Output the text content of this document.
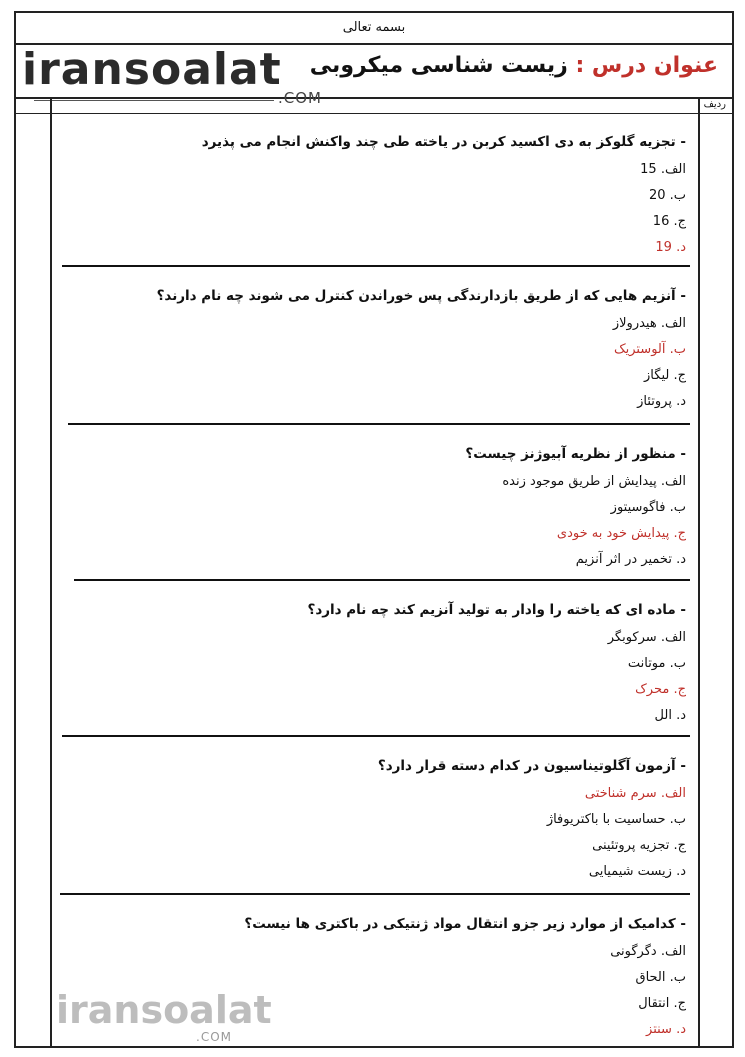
بسمه تعالی
iransoalat
.COM
عنوان درس : زیست شناسی میکروبی
ردیف
- تجزیه گلوکز به دی اکسید کربن در یاخته طی چند واکنش انجام می پذیرد
الف. 15
ب. 20
ج. 16
د. 19
- آنزیم هایی که از طریق بازدارندگی پس خوراندن کنترل می شوند چه نام دارند؟
الف. هیدرولاز
ب. آلوستریک
ج. لیگاز
د. پروتئاز
- منظور از نظریه آبیوژنز چیست؟
الف. پیدایش از طریق موجود زنده
ب. فاگوسیتوز
ج. پیدایش خود به خودی
د. تخمیر در اثر آنزیم
- ماده ای که یاخته را وادار به تولید آنزیم کند چه نام دارد؟
الف. سرکوبگر
ب. موتانت
ج. محرک
د. الل
- آزمون آگلوتیناسیون در کدام دسته قرار دارد؟
الف. سرم شناختی
ب. حساسیت با باکتریوفاژ
ج. تجزیه پروتئینی
د. زیست شیمیایی
- کدامیک از موارد زیر جزو انتقال مواد ژنتیکی در باکتری ها نیست؟
الف. دگرگونی
ب. الحاق
ج. انتقال
د. سنتز
iransoalat
.COM
